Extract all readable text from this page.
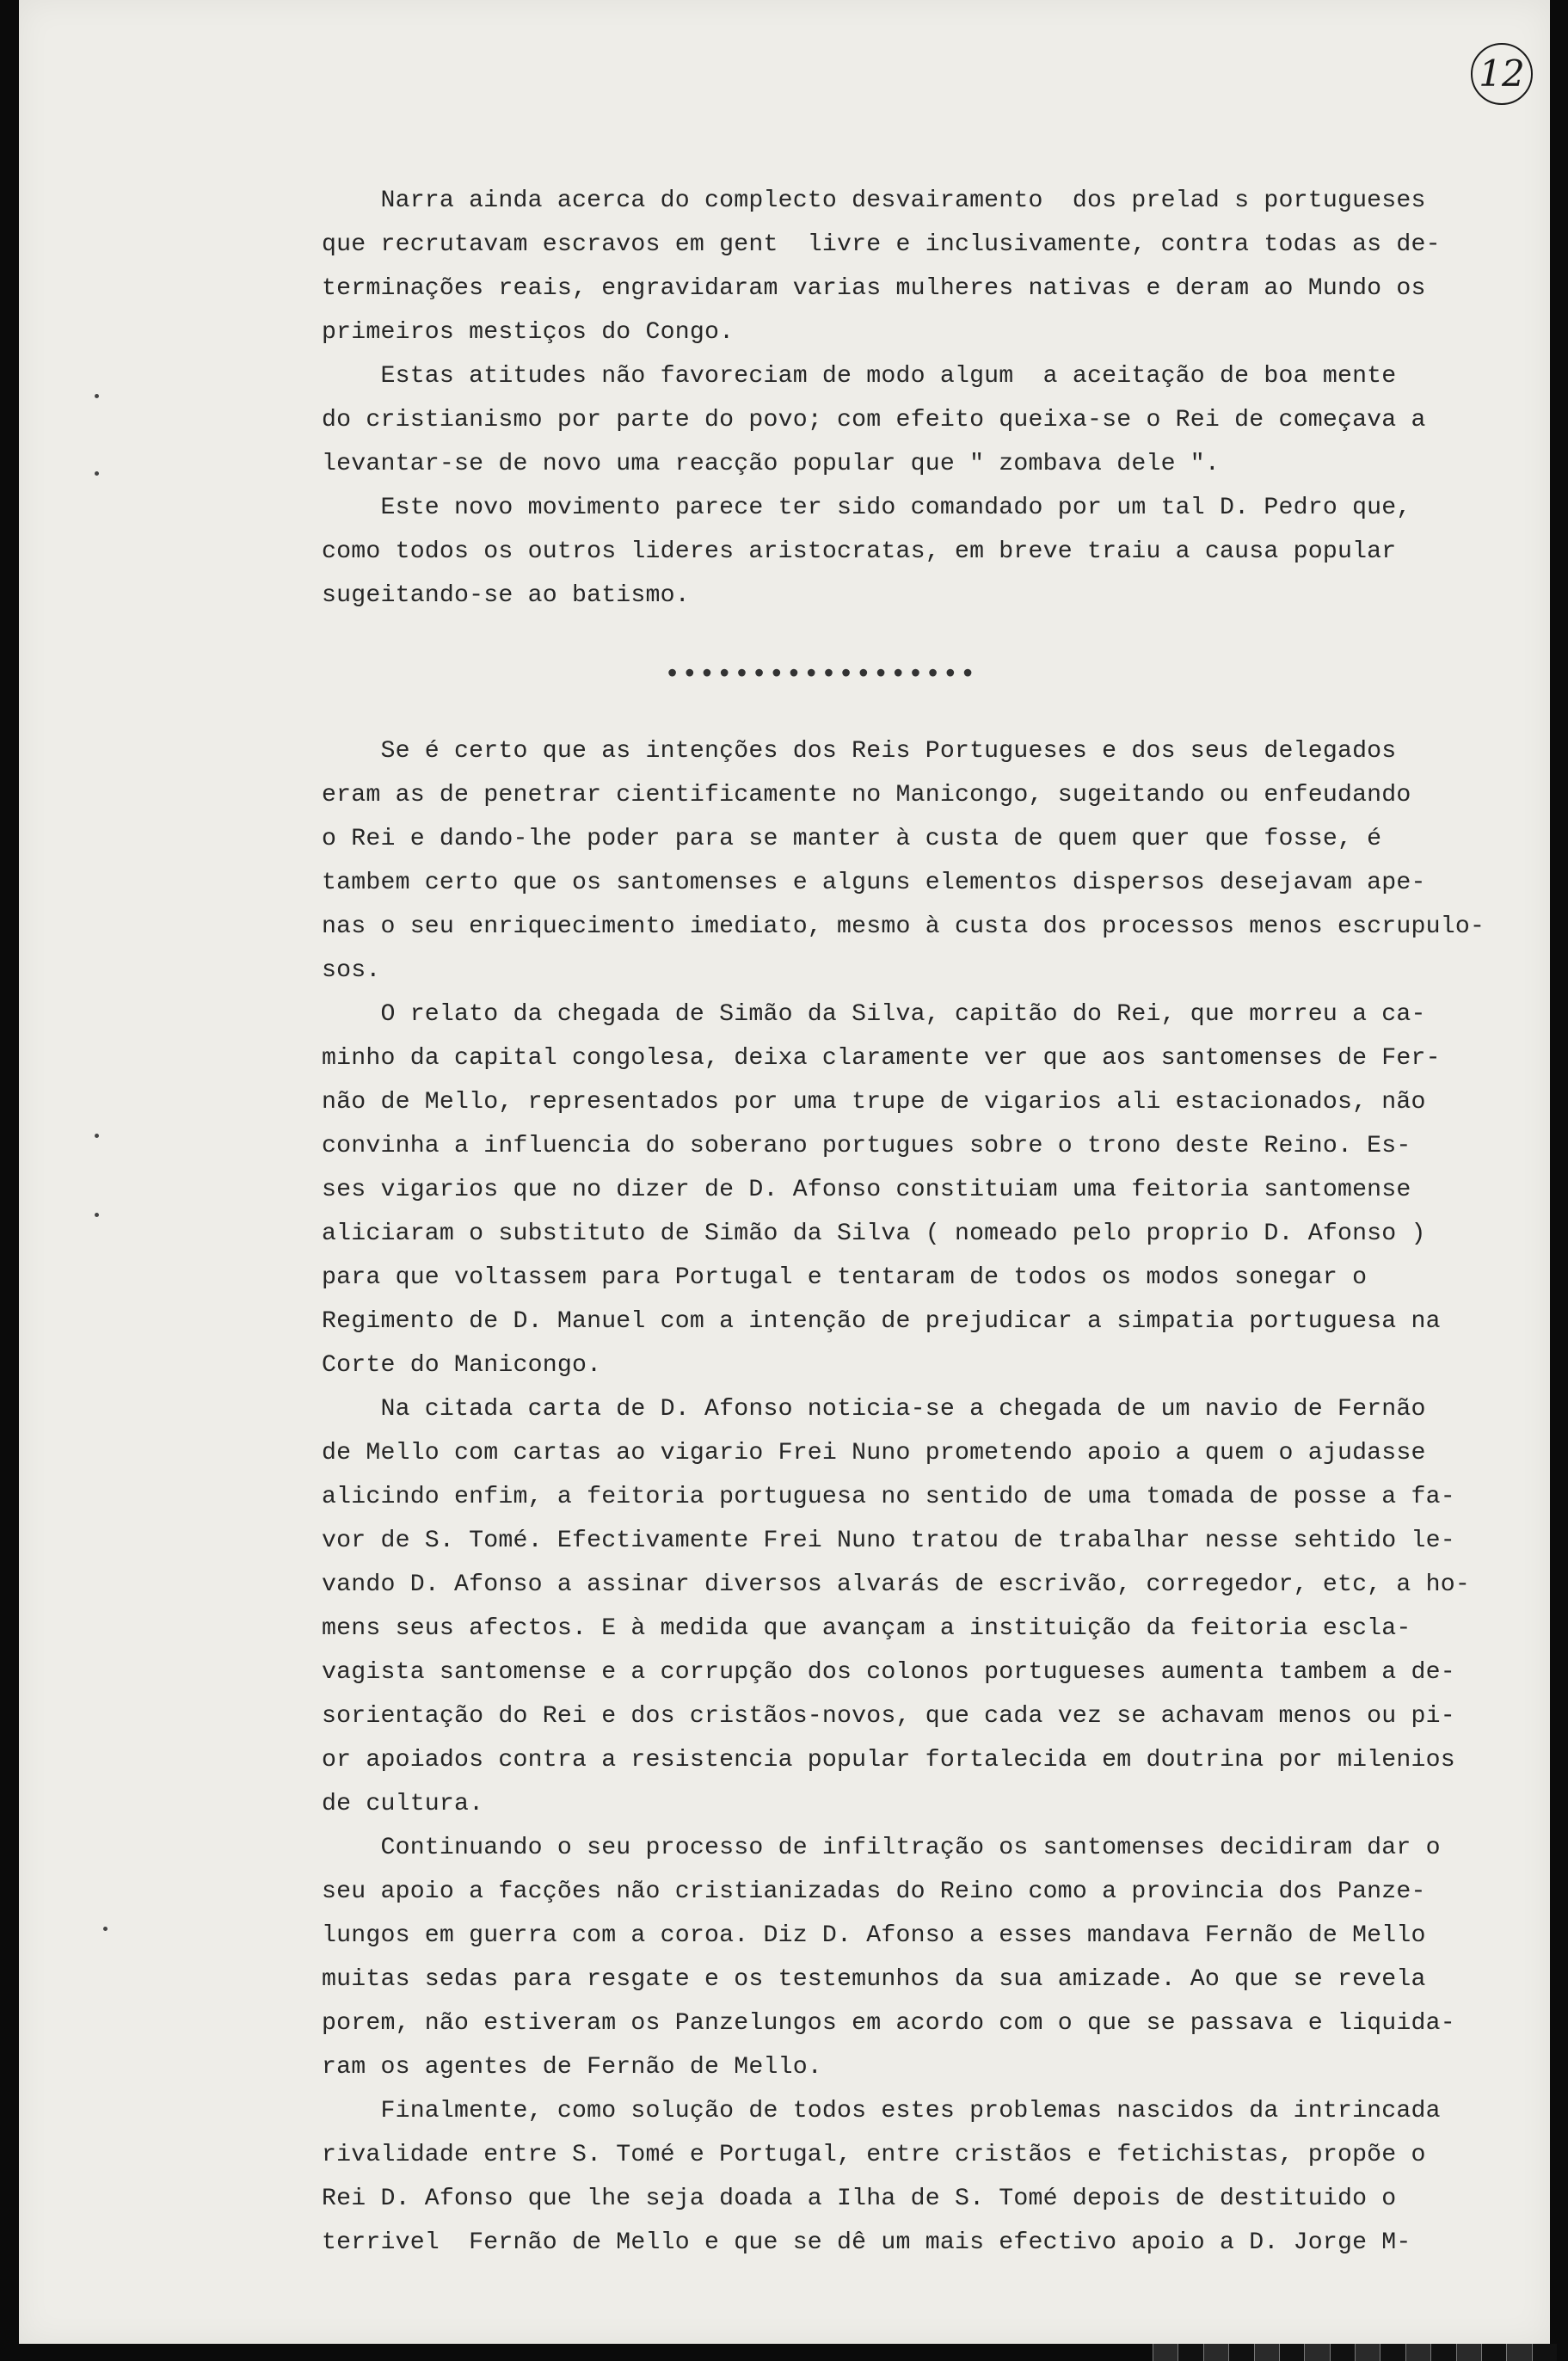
12
Narra ainda acerca do complecto desvairamento  dos prelad s portugueses
que recrutavam escravos em gent  livre e inclusivamente, contra todas as de-
terminações reais, engravidaram varias mulheres nativas e deram ao Mundo os
primeiros mestiços do Congo.
Estas atitudes não favoreciam de modo algum  a aceitação de boa mente
do cristianismo por parte do povo; com efeito queixa-se o Rei de começava a
levantar-se de novo uma reacção popular que " zombava dele ".
Este novo movimento parece ter sido comandado por um tal D. Pedro que,
como todos os outros lideres aristocratas, em breve traiu a causa popular
sugeitando-se ao batismo.
••••••••••••••••••
Se é certo que as intenções dos Reis Portugueses e dos seus delegados
eram as de penetrar cientificamente no Manicongo, sugeitando ou enfeudando
o Rei e dando-lhe poder para se manter à custa de quem quer que fosse, é
tambem certo que os santomenses e alguns elementos dispersos desejavam ape-
nas o seu enriquecimento imediato, mesmo à custa dos processos menos escrupulo-
sos.
O relato da chegada de Simão da Silva, capitão do Rei, que morreu a ca-
minho da capital congolesa, deixa claramente ver que aos santomenses de Fer-
não de Mello, representados por uma trupe de vigarios ali estacionados, não
convinha a influencia do soberano portugues sobre o trono deste Reino. Es-
ses vigarios que no dizer de D. Afonso constituiam uma feitoria santomense
aliciaram o substituto de Simão da Silva ( nomeado pelo proprio D. Afonso )
para que voltassem para Portugal e tentaram de todos os modos sonegar o
Regimento de D. Manuel com a intenção de prejudicar a simpatia portuguesa na
Corte do Manicongo.
Na citada carta de D. Afonso noticia-se a chegada de um navio de Fernão
de Mello com cartas ao vigario Frei Nuno prometendo apoio a quem o ajudasse
alicindo enfim, a feitoria portuguesa no sentido de uma tomada de posse a fa-
vor de S. Tomé. Efectivamente Frei Nuno tratou de trabalhar nesse sehtido le-
vando D. Afonso a assinar diversos alvarás de escrivão, corregedor, etc, a ho-
mens seus afectos. E à medida que avançam a instituição da feitoria escla-
vagista santomense e a corrupção dos colonos portugueses aumenta tambem a de-
sorientação do Rei e dos cristãos-novos, que cada vez se achavam menos ou pi-
or apoiados contra a resistencia popular fortalecida em doutrina por milenios
de cultura.
Continuando o seu processo de infiltração os santomenses decidiram dar o
seu apoio a facções não cristianizadas do Reino como a provincia dos Panze-
lungos em guerra com a coroa. Diz D. Afonso a esses mandava Fernão de Mello
muitas sedas para resgate e os testemunhos da sua amizade. Ao que se revela
porem, não estiveram os Panzelungos em acordo com o que se passava e liquida-
ram os agentes de Fernão de Mello.
Finalmente, como solução de todos estes problemas nascidos da intrincada
rivalidade entre S. Tomé e Portugal, entre cristãos e fetichistas, propõe o
Rei D. Afonso que lhe seja doada a Ilha de S. Tomé depois de destituido o
terrivel  Fernão de Mello e que se dê um mais efectivo apoio a D. Jorge M-
